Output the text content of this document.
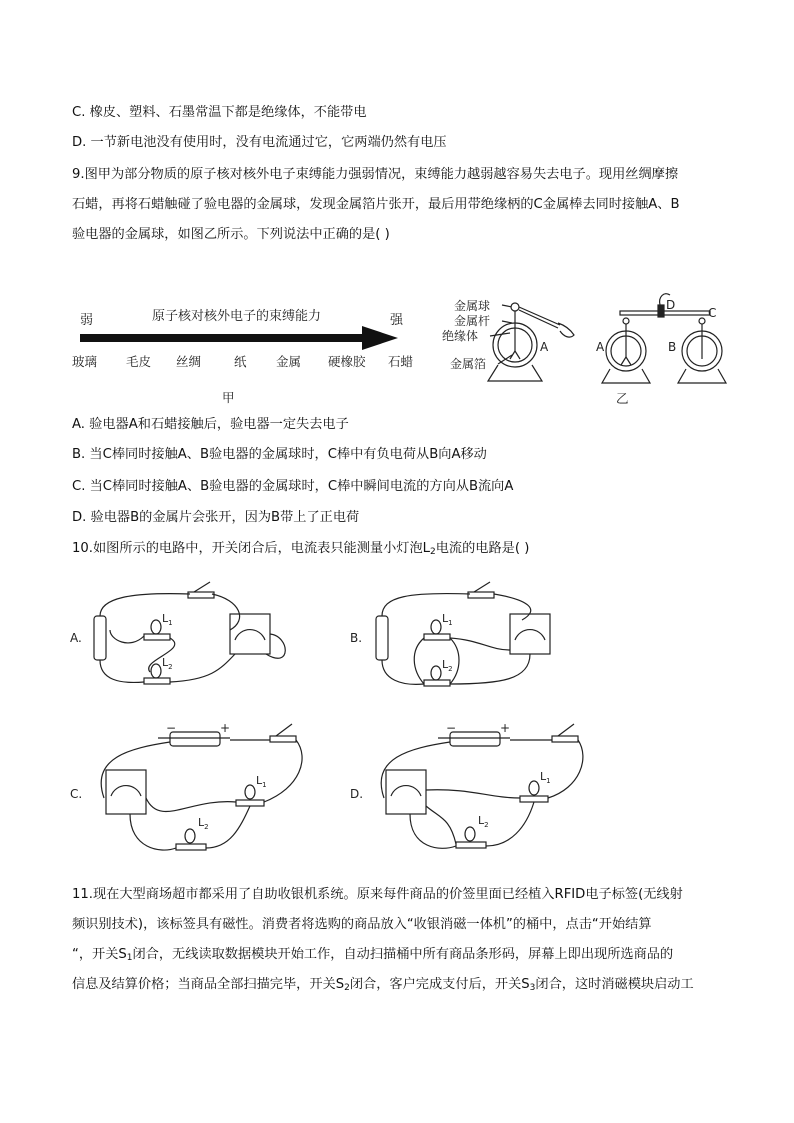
C. 橡皮、塑料、石墨常温下都是绝缘体，不能带电
D. 一节新电池没有使用时，没有电流通过它，它两端仍然有电压
9.图甲为部分物质的原子核对核外电子束缚能力强弱情况，束缚能力越弱越容易失去电子。现用丝绸摩擦
石蜡，再将石蜡触碰了验电器的金属球，发现金属箔片张开，最后用带绝缘柄的C金属棒去同时接触A、B
验电器的金属球，如图乙所示。下列说法中正确的是( )
弱	强
原子核对核外电子的束缚能力
玻璃 毛皮 丝绸	纸 金属 硬橡胶 石蜡
甲
金属球
金属杆
绝缘体
金属箔
A
D
C
A	B
乙
A. 验电器A和石蜡接触后，验电器一定失去电子
B. 当C棒同时接触A、B验电器的金属球时，C棒中有负电荷从B向A移动
C. 当C棒同时接触A、B验电器的金属球时，C棒中瞬间电流的方向从B流向A
D. 验电器B的金属片会张开，因为B带上了正电荷
10.如图所示的电路中，开关闭合后，电流表只能测量小灯泡$L_2$电流的电路是( )
A.
$L_1$
$L_2$
B.
$L_1$
$L_2$
C.
−	+
$L_1$
$L_2$
D.
−	+
$L_1$
$L_2$
11.现在大型商场超市都采用了自助收银机系统。原来每件商品的价签里面已经植入RFID电子标签(无线射
频识别技术)，该标签具有磁性。消费者将选购的商品放入“收银消磁一体机”的桶中，点击“开始结算
“，开关$S_1$闭合，无线读取数据模块开始工作，自动扫描桶中所有商品条形码，屏幕上即出现所选商品的
信息及结算价格；当商品全部扫描完毕，开关$S_2$闭合，客户完成支付后，开关$S_3$闭合，这时消磁模块启动工
